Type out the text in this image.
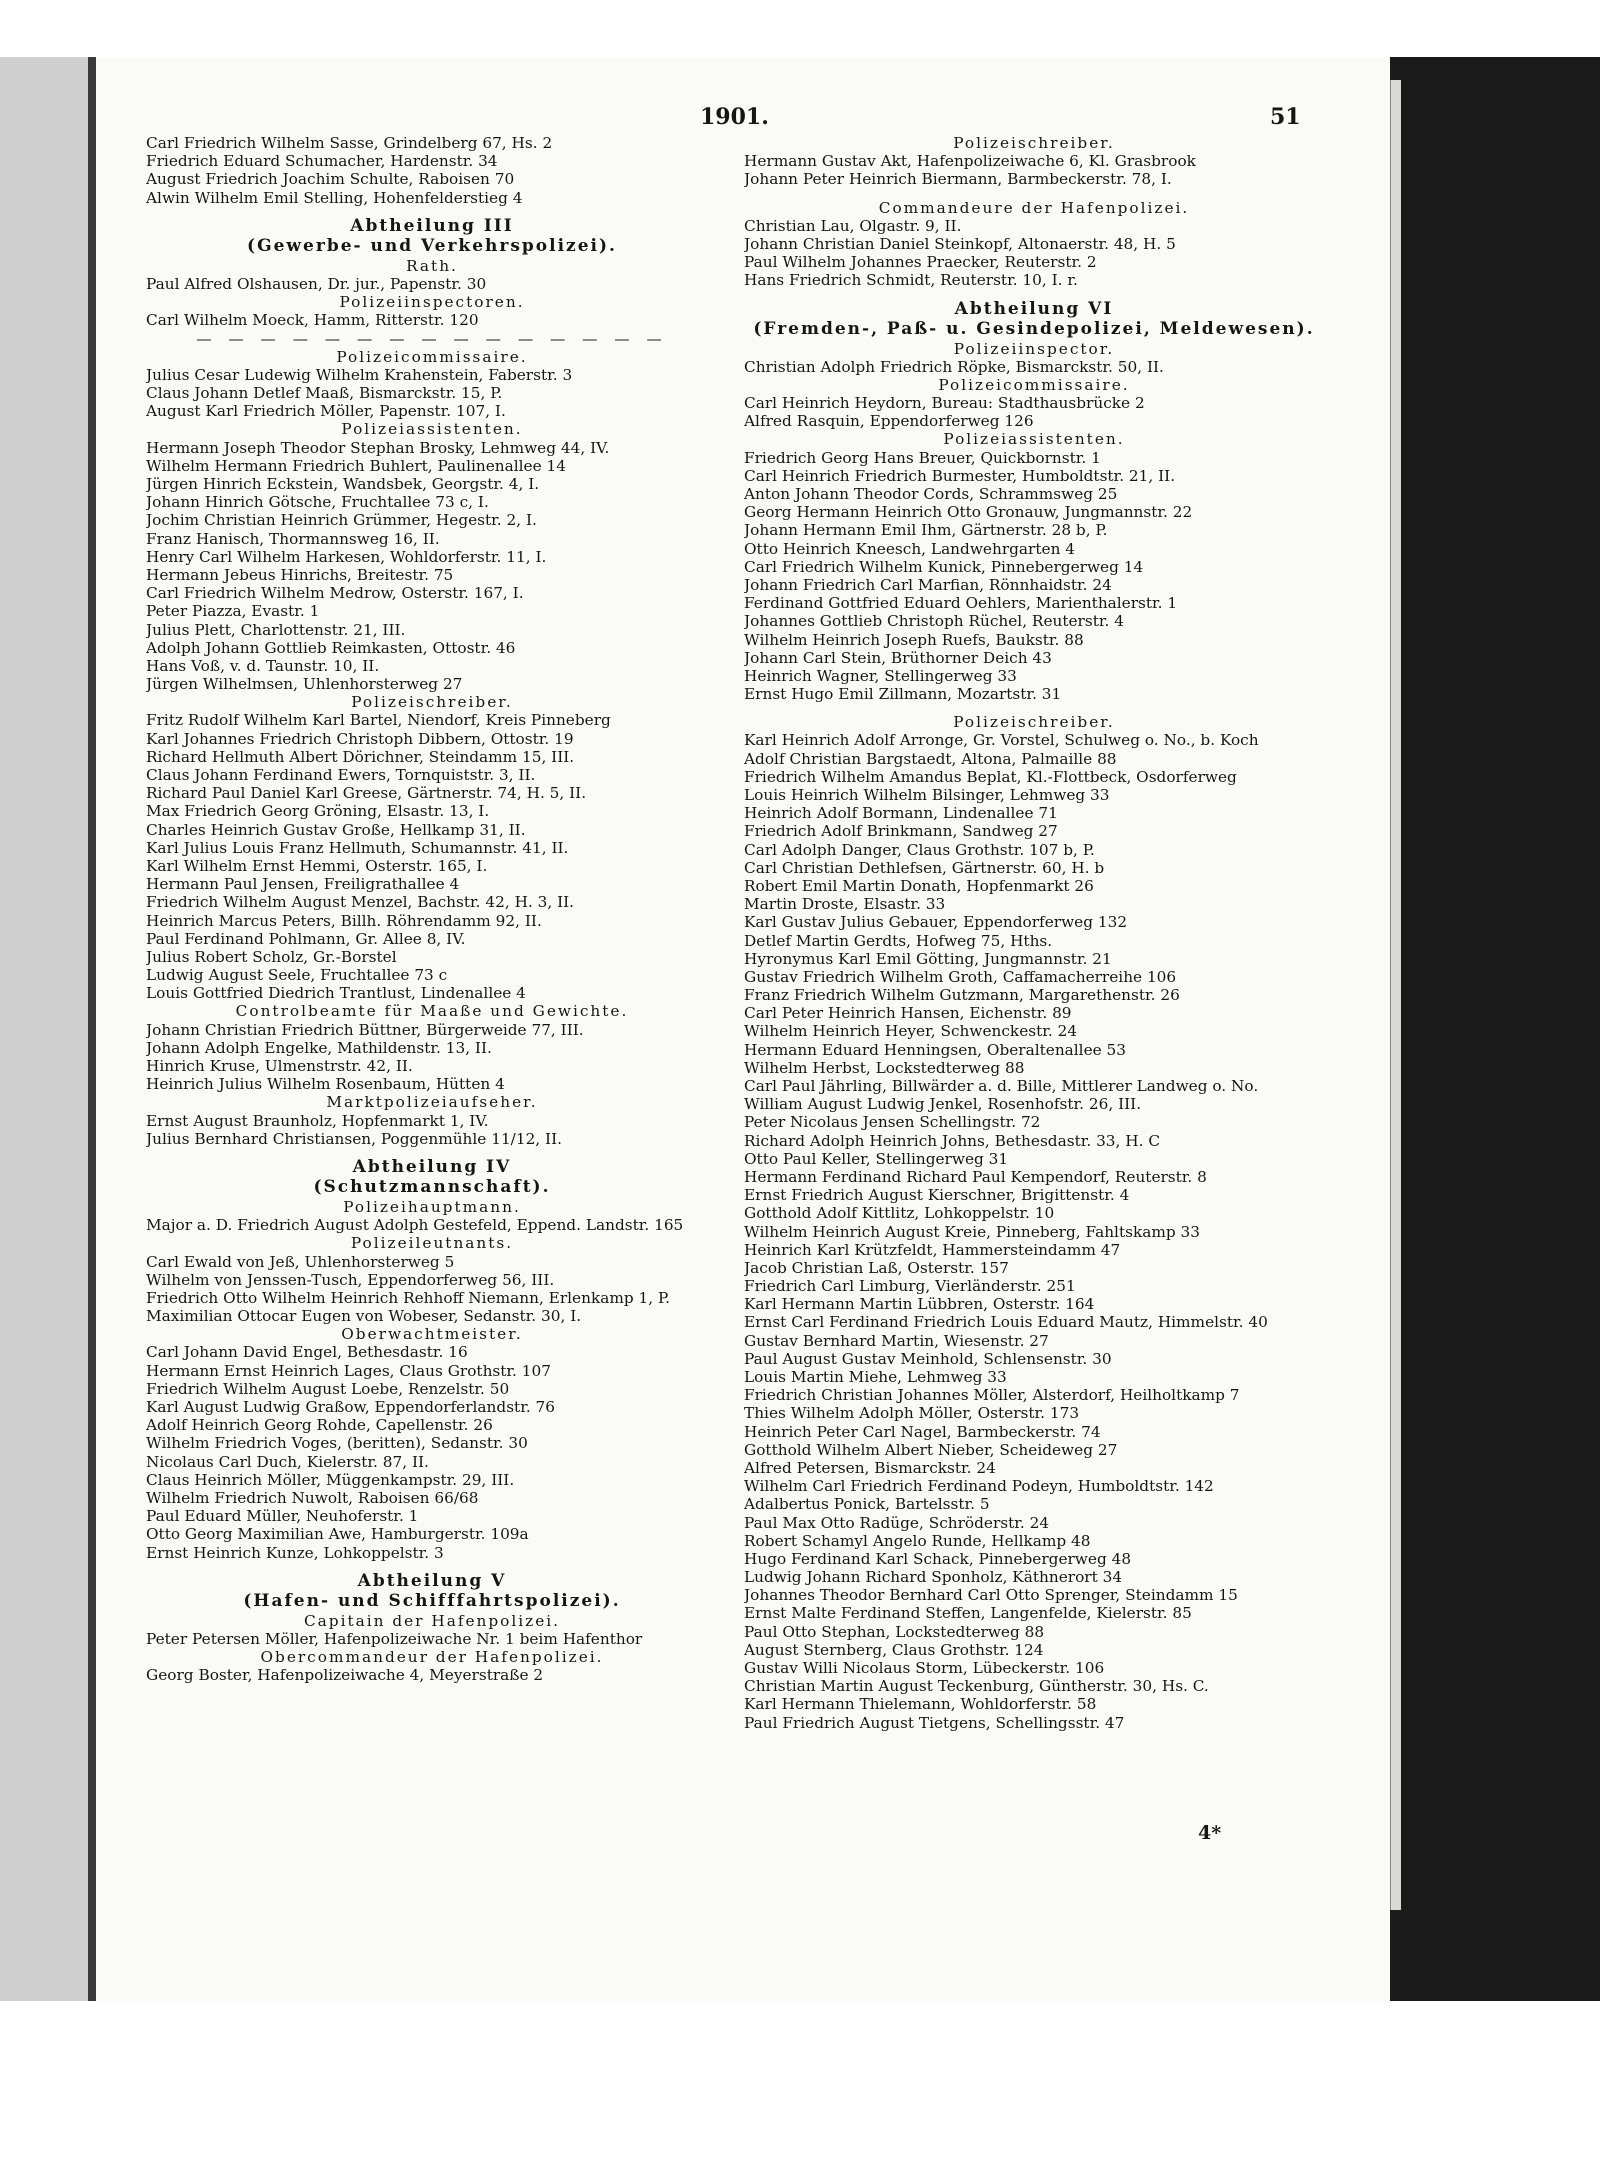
1901.	51
Carl Friedrich Wilhelm Sasse, Grindelberg 67, Hs. 2
Friedrich Eduard Schumacher, Hardenstr. 34
August Friedrich Joachim Schulte, Raboisen 70
Alwin Wilhelm Emil Stelling, Hohenfelderstieg 4
Abtheilung III
(Gewerbe- und Verkehrspolizei).
Rath.
Paul Alfred Olshausen, Dr. jur., Papenstr. 30
Polizeiinspectoren.
Carl Wilhelm Moeck, Hamm, Ritterstr. 120
— — — — — — — — — — — — — — —
Polizeicommissaire.
Julius Cesar Ludewig Wilhelm Krahenstein, Faberstr. 3
Claus Johann Detlef Maaß, Bismarckstr. 15, P.
August Karl Friedrich Möller, Papenstr. 107, I.
Polizeiassistenten.
Hermann Joseph Theodor Stephan Brosky, Lehmweg 44, IV.
Wilhelm Hermann Friedrich Buhlert, Paulinenallee 14
Jürgen Hinrich Eckstein, Wandsbek, Georgstr. 4, I.
Johann Hinrich Götsche, Fruchtallee 73 c, I.
Jochim Christian Heinrich Grümmer, Hegestr. 2, I.
Franz Hanisch, Thormannsweg 16, II.
Henry Carl Wilhelm Harkesen, Wohldorferstr. 11, I.
Hermann Jebeus Hinrichs, Breitestr. 75
Carl Friedrich Wilhelm Medrow, Osterstr. 167, I.
Peter Piazza, Evastr. 1
Julius Plett, Charlottenstr. 21, III.
Adolph Johann Gottlieb Reimkasten, Ottostr. 46
Hans Voß, v. d. Taunstr. 10, II.
Jürgen Wilhelmsen, Uhlenhorsterweg 27
Polizeischreiber.
Fritz Rudolf Wilhelm Karl Bartel, Niendorf, Kreis Pinneberg
Karl Johannes Friedrich Christoph Dibbern, Ottostr. 19
Richard Hellmuth Albert Dörichner, Steindamm 15, III.
Claus Johann Ferdinand Ewers, Tornquiststr. 3, II.
Richard Paul Daniel Karl Greese, Gärtnerstr. 74, H. 5, II.
Max Friedrich Georg Gröning, Elsastr. 13, I.
Charles Heinrich Gustav Große, Hellkamp 31, II.
Karl Julius Louis Franz Hellmuth, Schumannstr. 41, II.
Karl Wilhelm Ernst Hemmi, Osterstr. 165, I.
Hermann Paul Jensen, Freiligrathallee 4
Friedrich Wilhelm August Menzel, Bachstr. 42, H. 3, II.
Heinrich Marcus Peters, Billh. Röhrendamm 92, II.
Paul Ferdinand Pohlmann, Gr. Allee 8, IV.
Julius Robert Scholz, Gr.-Borstel
Ludwig August Seele, Fruchtallee 73 c
Louis Gottfried Diedrich Trantlust, Lindenallee 4
Controlbeamte für Maaße und Gewichte.
Johann Christian Friedrich Büttner, Bürgerweide 77, III.
Johann Adolph Engelke, Mathildenstr. 13, II.
Hinrich Kruse, Ulmenstrstr. 42, II.
Heinrich Julius Wilhelm Rosenbaum, Hütten 4
Marktpolizeiaufseher.
Ernst August Braunholz, Hopfenmarkt 1, IV.
Julius Bernhard Christiansen, Poggenmühle 11/12, II.
Abtheilung IV
(Schutzmannschaft).
Polizeihauptmann.
Major a. D. Friedrich August Adolph Gestefeld, Eppend. Landstr. 165
Polizeileutnants.
Carl Ewald von Jeß, Uhlenhorsterweg 5
Wilhelm von Jenssen-Tusch, Eppendorferweg 56, III.
Friedrich Otto Wilhelm Heinrich Rehhoff Niemann, Erlenkamp 1, P.
Maximilian Ottocar Eugen von Wobeser, Sedanstr. 30, I.
Oberwachtmeister.
Carl Johann David Engel, Bethesdastr. 16
Hermann Ernst Heinrich Lages, Claus Grothstr. 107
Friedrich Wilhelm August Loebe, Renzelstr. 50
Karl August Ludwig Graßow, Eppendorferlandstr. 76
Adolf Heinrich Georg Rohde, Capellenstr. 26
Wilhelm Friedrich Voges, (beritten), Sedanstr. 30
Nicolaus Carl Duch, Kielerstr. 87, II.
Claus Heinrich Möller, Müggenkampstr. 29, III.
Wilhelm Friedrich Nuwolt, Raboisen 66/68
Paul Eduard Müller, Neuhoferstr. 1
Otto Georg Maximilian Awe, Hamburgerstr. 109a
Ernst Heinrich Kunze, Lohkoppelstr. 3
Abtheilung V
(Hafen- und Schifffahrtspolizei).
Capitain der Hafenpolizei.
Peter Petersen Möller, Hafenpolizeiwache Nr. 1 beim Hafenthor
Obercommandeur der Hafenpolizei.
Georg Boster, Hafenpolizeiwache 4, Meyerstraße 2
Polizeischreiber.
Hermann Gustav Akt, Hafenpolizeiwache 6, Kl. Grasbrook
Johann Peter Heinrich Biermann, Barmbeckerstr. 78, I.
Commandeure der Hafenpolizei.
Christian Lau, Olgastr. 9, II.
Johann Christian Daniel Steinkopf, Altonaerstr. 48, H. 5
Paul Wilhelm Johannes Praecker, Reuterstr. 2
Hans Friedrich Schmidt, Reuterstr. 10, I. r.
Abtheilung VI
(Fremden-, Paß- u. Gesindepolizei, Meldewesen).
Polizeiinspector.
Christian Adolph Friedrich Röpke, Bismarckstr. 50, II.
Polizeicommissaire.
Carl Heinrich Heydorn, Bureau: Stadthausbrücke 2
Alfred Rasquin, Eppendorferweg 126
Polizeiassistenten.
Friedrich Georg Hans Breuer, Quickbornstr. 1
Carl Heinrich Friedrich Burmester, Humboldtstr. 21, II.
Anton Johann Theodor Cords, Schrammsweg 25
Georg Hermann Heinrich Otto Gronauw, Jungmannstr. 22
Johann Hermann Emil Ihm, Gärtnerstr. 28 b, P.
Otto Heinrich Kneesch, Landwehrgarten 4
Carl Friedrich Wilhelm Kunick, Pinnebergerweg 14
Johann Friedrich Carl Marfian, Rönnhaidstr. 24
Ferdinand Gottfried Eduard Oehlers, Marienthalerstr. 1
Johannes Gottlieb Christoph Rüchel, Reuterstr. 4
Wilhelm Heinrich Joseph Ruefs, Baukstr. 88
Johann Carl Stein, Brüthorner Deich 43
Heinrich Wagner, Stellingerweg 33
Ernst Hugo Emil Zillmann, Mozartstr. 31
Polizeischreiber.
Karl Heinrich Adolf Arronge, Gr. Vorstel, Schulweg o. No., b. Koch
Adolf Christian Bargstaedt, Altona, Palmaille 88
Friedrich Wilhelm Amandus Beplat, Kl.-Flottbeck, Osdorferweg
Louis Heinrich Wilhelm Bilsinger, Lehmweg 33
Heinrich Adolf Bormann, Lindenallee 71
Friedrich Adolf Brinkmann, Sandweg 27
Carl Adolph Danger, Claus Grothstr. 107 b, P.
Carl Christian Dethlefsen, Gärtnerstr. 60, H. b
Robert Emil Martin Donath, Hopfenmarkt 26
Martin Droste, Elsastr. 33
Karl Gustav Julius Gebauer, Eppendorferweg 132
Detlef Martin Gerdts, Hofweg 75, Hths.
Hyronymus Karl Emil Götting, Jungmannstr. 21
Gustav Friedrich Wilhelm Groth, Caffamacherreihe 106
Franz Friedrich Wilhelm Gutzmann, Margarethenstr. 26
Carl Peter Heinrich Hansen, Eichenstr. 89
Wilhelm Heinrich Heyer, Schwenckestr. 24
Hermann Eduard Henningsen, Oberaltenallee 53
Wilhelm Herbst, Lockstedterweg 88
Carl Paul Jährling, Billwärder a. d. Bille, Mittlerer Landweg o. No.
William August Ludwig Jenkel, Rosenhofstr. 26, III.
Peter Nicolaus Jensen Schellingstr. 72
Richard Adolph Heinrich Johns, Bethesdastr. 33, H. C
Otto Paul Keller, Stellingerweg 31
Hermann Ferdinand Richard Paul Kempendorf, Reuterstr. 8
Ernst Friedrich August Kierschner, Brigittenstr. 4
Gotthold Adolf Kittlitz, Lohkoppelstr. 10
Wilhelm Heinrich August Kreie, Pinneberg, Fahltskamp 33
Heinrich Karl Krützfeldt, Hammersteindamm 47
Jacob Christian Laß, Osterstr. 157
Friedrich Carl Limburg, Vierländerstr. 251
Karl Hermann Martin Lübbren, Osterstr. 164
Ernst Carl Ferdinand Friedrich Louis Eduard Mautz, Himmelstr. 40
Gustav Bernhard Martin, Wiesenstr. 27
Paul August Gustav Meinhold, Schlensenstr. 30
Louis Martin Miehe, Lehmweg 33
Friedrich Christian Johannes Möller, Alsterdorf, Heilholtkamp 7
Thies Wilhelm Adolph Möller, Osterstr. 173
Heinrich Peter Carl Nagel, Barmbeckerstr. 74
Gotthold Wilhelm Albert Nieber, Scheideweg 27
Alfred Petersen, Bismarckstr. 24
Wilhelm Carl Friedrich Ferdinand Podeyn, Humboldtstr. 142
Adalbertus Ponick, Bartelsstr. 5
Paul Max Otto Radüge, Schröderstr. 24
Robert Schamyl Angelo Runde, Hellkamp 48
Hugo Ferdinand Karl Schack, Pinnebergerweg 48
Ludwig Johann Richard Sponholz, Käthnerort 34
Johannes Theodor Bernhard Carl Otto Sprenger, Steindamm 15
Ernst Malte Ferdinand Steffen, Langenfelde, Kielerstr. 85
Paul Otto Stephan, Lockstedterweg 88
August Sternberg, Claus Grothstr. 124
Gustav Willi Nicolaus Storm, Lübeckerstr. 106
Christian Martin August Teckenburg, Güntherstr. 30, Hs. C.
Karl Hermann Thielemann, Wohldorferstr. 58
Paul Friedrich August Tietgens, Schellingsstr. 47
4*
